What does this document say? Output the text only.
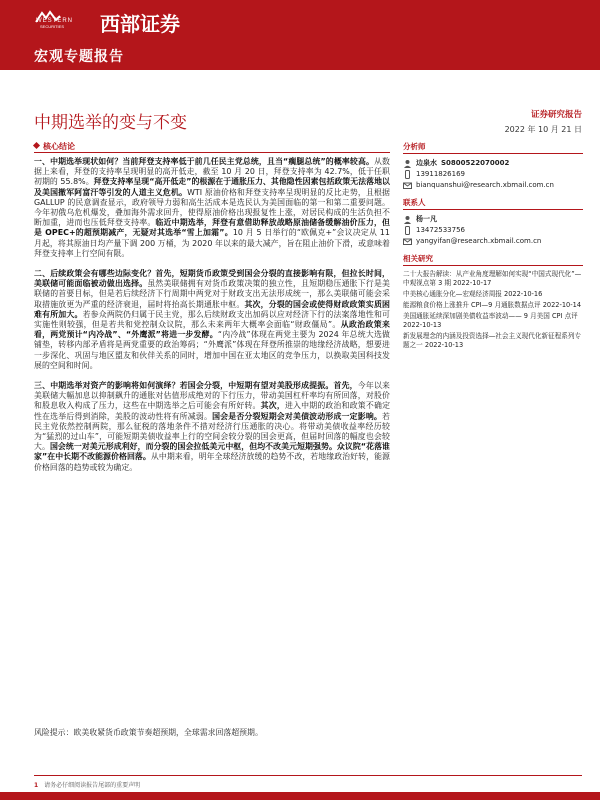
WESTERN
SECURITIES 西部证券
宏观专题报告
中期选举的变与不变	证券研究报告
2022 年 10 月 21 日
核心结论
一、中期选举现状如何？当前拜登支持率低于前几任民主党总统，且当“瘸腿总统”的概率较高。从数据上来看，拜登的支持率呈现明显的高开低走，截至 10 月 20 日，拜登支持率为 42.7%，低于任职初期的 55.8%。拜登支持率呈现“高开低走”的根源在于通胀压力、其他隐性因素包括政策无法落地以及美国撤军阿富汗等引发的人道主义危机。WTI 原油价格和拜登支持率呈现明显的反比走势，且根据 GALLUP 的民意调查显示，政府领导力弱和高生活成本是选民认为美国面临的第一和第二重要问题。今年初俄乌危机爆发，叠加海外需求回升，使得原油价格出现报复性上涨，对居民构成的生活负担不断加重，进而也压低拜登支持率。临近中期选举，拜登有意借助释放战略原油储备缓解油价压力，但是 OPEC+的超预期减产，无疑对其选举“雪上加霜”。10 月 5 日举行的“欧佩克+”会议决定从 11 月起，将其原油日均产量下调 200 万桶，为 2020 年以来的最大减产，旨在阻止油价下滑，或意味着拜登支持率上行空间有限。
二、后续政策会有哪些边际变化？首先，短期货币政策受到国会分裂的直接影响有限，但拉长时间，美联储可能面临被动做出选择。虽然美联储拥有对货币政策决策的独立性，且短期稳压通胀下行是美联储的首要目标，但是若后续经济下行周期中两党对于财政支出无法形成统一，那么美联储可能会采取措施放更为严重的经济衰退，届时将抬高长期通胀中枢。其次，分裂的国会或使得财政政策实质困难有所加大。若参众两院仍归属于民主党，那么后续财政支出加码以应对经济下行的法案落地性和可实施性则较强，但是若共和党控制众议院，那么未来两年大概率会面临“财政僵局”。从政治政策来看，两党预计“内冷战”、“外鹰派”将进一步发酵。“内冷战”体现在两党主要为 2024 年总统大选做铺垫，转移内部矛盾将是两党重要的政治筹码；“外鹰派”体现在拜登所推崇的地缘经济战略，想要进一步深化、巩固与地区盟友和伙伴关系的同时，增加中国在亚太地区的竞争压力，以换取美国科技发展的空间和时间。
三、中期选举对资产的影响将如何演绎？若国会分裂，中短期有望对美股形成提振。首先，今年以来美联储大幅加息以抑制飙升的通胀对估值形成绝对的下行压力，带动美国杠杆率均有所回落，对股价和股息收入构成了压力，这些在中期选举之后可能会有所好转。其次，进入中期的政治和政策不确定性在选举后得到消除，美股的波动性将有所减弱。国会是否分裂短期会对美债波动形成一定影响。若民主党依然控制两院，那么征税的落地条件不措对经济行压通胀的决心。将带动美债收益率经历较为“猛烈的过山车”，可能短期美债收益率上行的空间会较分裂的国会更高，但届时回落的幅度也会较大。国会统一对美元形成利好，而分裂的国会拉低美元中枢，但均不改美元短期强势。众议院“花落谁家”在中长期不改能源价格回落。从中期来看，明年全球经济放缓的趋势不改，若地缘政治好转，能源价格回落的趋势或较为确定。
风险提示：欧美收紧货币政策节奏超预期，全球需求回落超预期。
分析师
边泉水 S0800522070002
13911826169
bianquanshui@research.xbmail.com.cn
联系人
杨一凡
13472533756
yangyifan@research.xbmail.com.cn
相关研究
二十大报告解读：从产业角度理解如何实现“中国式现代化”—中观视点第 3 期 2022-10-17
中美核心通胀分化—宏观经济周报 2022-10-16
能源粮食价格上涨推升 CPI—9 月通胀数据点评 2022-10-14
美国通胀延续深加剧美债收益率波动—— 9 月美国 CPI 点评 2022-10-13
新发展理念的内涵及投资选择—社会主义现代化新征程系列专题之一 2022-10-13
1 请务必仔细阅读报告尾部的重要声明
